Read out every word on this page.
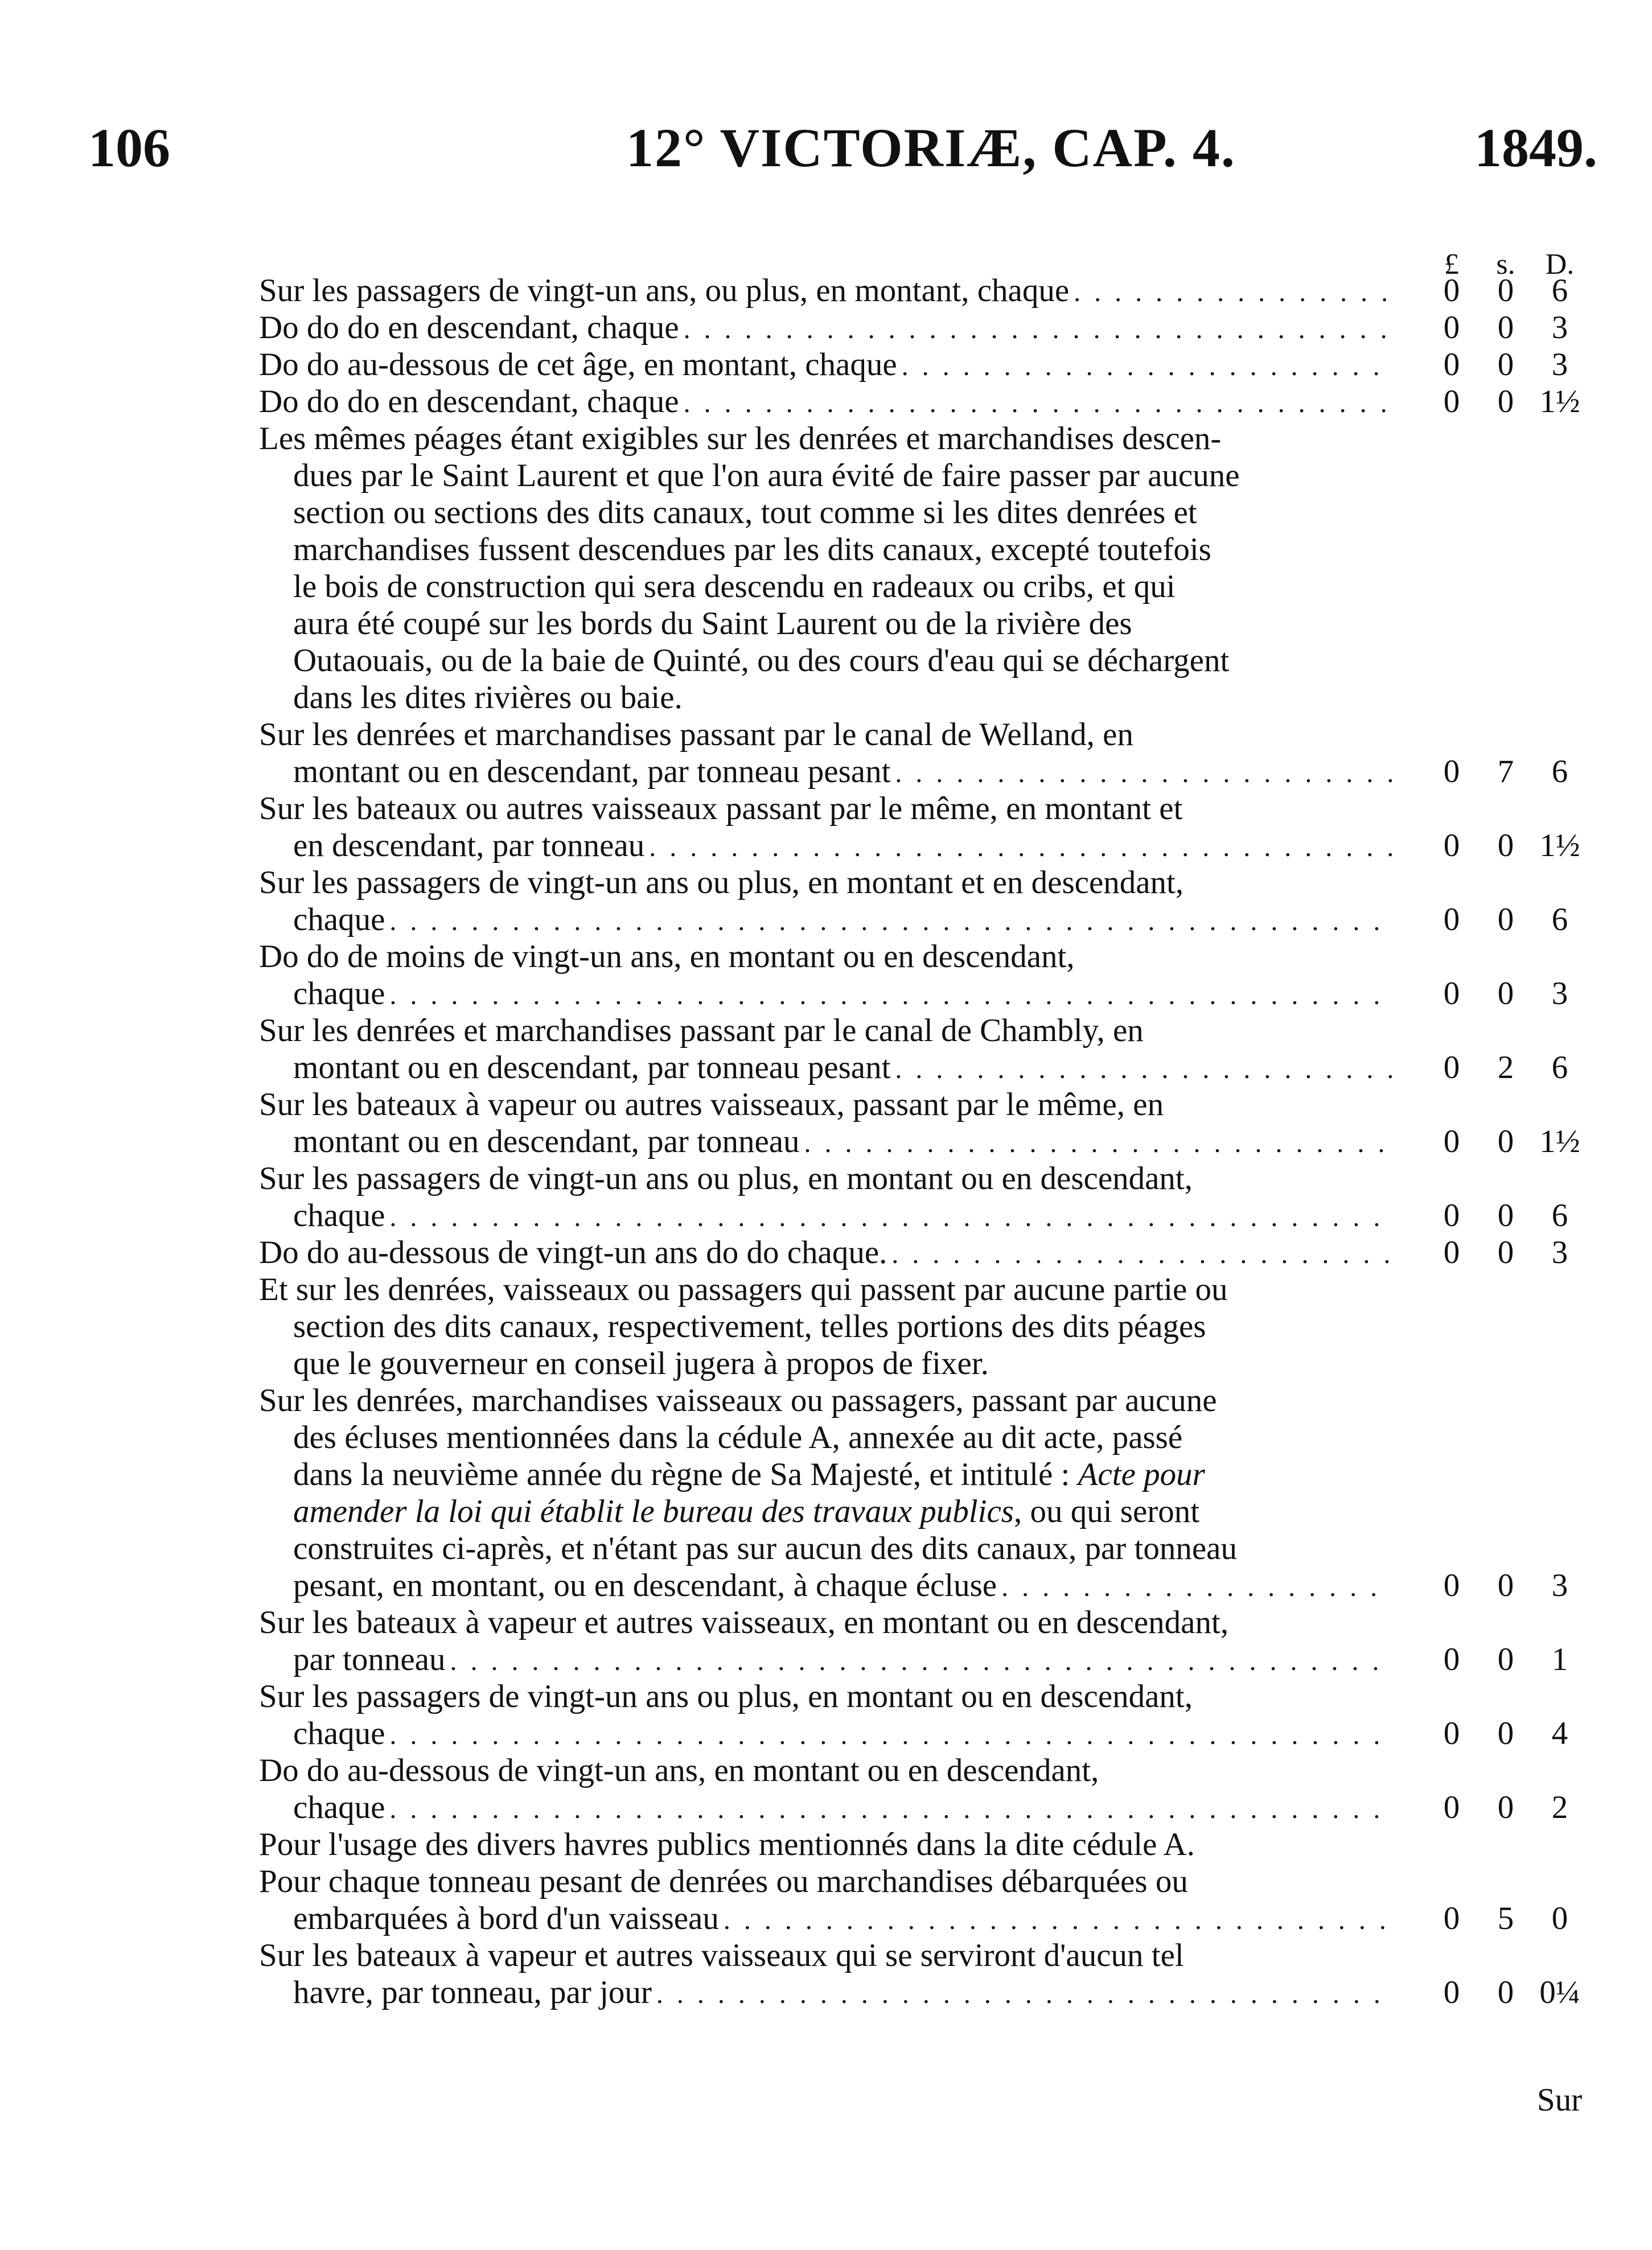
106	12° VICTORIÆ, CAP. 4.	1849.
£	s.	D.
Sur les passagers de vingt-un ans, ou plus, en montant, chaque . . .	0	0	6
Do do do en descendant, chaque . . .	0	0	3
Do do au-dessous de cet âge, en montant, chaque . . .	0	0	3
Do do do en descendant, chaque . . .	0	0 1½
Les mêmes péages étant exigibles sur les denrées et marchandises descen-
dues par le Saint Laurent et que l'on aura évité de faire passer par aucune
section ou sections des dits canaux, tout comme si les dites denrées et
marchandises fussent descendues par les dits canaux, excepté toutefois
le bois de construction qui sera descendu en radeaux ou cribs, et qui
aura été coupé sur les bords du Saint Laurent ou de la rivière des
Outaouais, ou de la baie de Quinté, ou des cours d'eau qui se déchargent
dans les dites rivières ou baie.
Sur les denrées et marchandises passant par le canal de Welland, en
montant ou en descendant, par tonneau pesant . . .	0	7	6
Sur les bateaux ou autres vaisseaux passant par le même, en montant et
en descendant, par tonneau . . .	0	0 1½
Sur les passagers de vingt-un ans ou plus, en montant et en descendant,
chaque . . .	0	0	6
Do do de moins de vingt-un ans, en montant ou en descendant,
chaque . . .	0	0	3
Sur les denrées et marchandises passant par le canal de Chambly, en
montant ou en descendant, par tonneau pesant . . .	0	2	6
Sur les bateaux à vapeur ou autres vaisseaux, passant par le même, en
montant ou en descendant, par tonneau . . .	0	0 1½
Sur les passagers de vingt-un ans ou plus, en montant ou en descendant,
chaque . . .	0	0	6
Do do au-dessous de vingt-un ans do do chaque. . . .	0	0	3
Et sur les denrées, vaisseaux ou passagers qui passent par aucune partie ou
section des dits canaux, respectivement, telles portions des dits péages
que le gouverneur en conseil jugera à propos de fixer.
Sur les denrées, marchandises vaisseaux ou passagers, passant par aucune
des écluses mentionnées dans la cédule A, annexée au dit acte, passé
dans la neuvième année du règne de Sa Majesté, et intitulé : Acte pour
amender la loi qui établit le bureau des travaux publics, ou qui seront
construites ci-après, et n'étant pas sur aucun des dits canaux, par tonneau
pesant, en montant, ou en descendant, à chaque écluse . . .	0	0	3
Sur les bateaux à vapeur et autres vaisseaux, en montant ou en descendant,
par tonneau . . .	0	0	1
Sur les passagers de vingt-un ans ou plus, en montant ou en descendant,
chaque . . .	0	0	4
Do do au-dessous de vingt-un ans, en montant ou en descendant,
chaque . . .	0	0	2
Pour l'usage des divers havres publics mentionnés dans la dite cédule A.
Pour chaque tonneau pesant de denrées ou marchandises débarquées ou
embarquées à bord d'un vaisseau . . .	0	5	0
Sur les bateaux à vapeur et autres vaisseaux qui se serviront d'aucun tel
havre, par tonneau, par jour . . .	0	0 0¼
Sur
